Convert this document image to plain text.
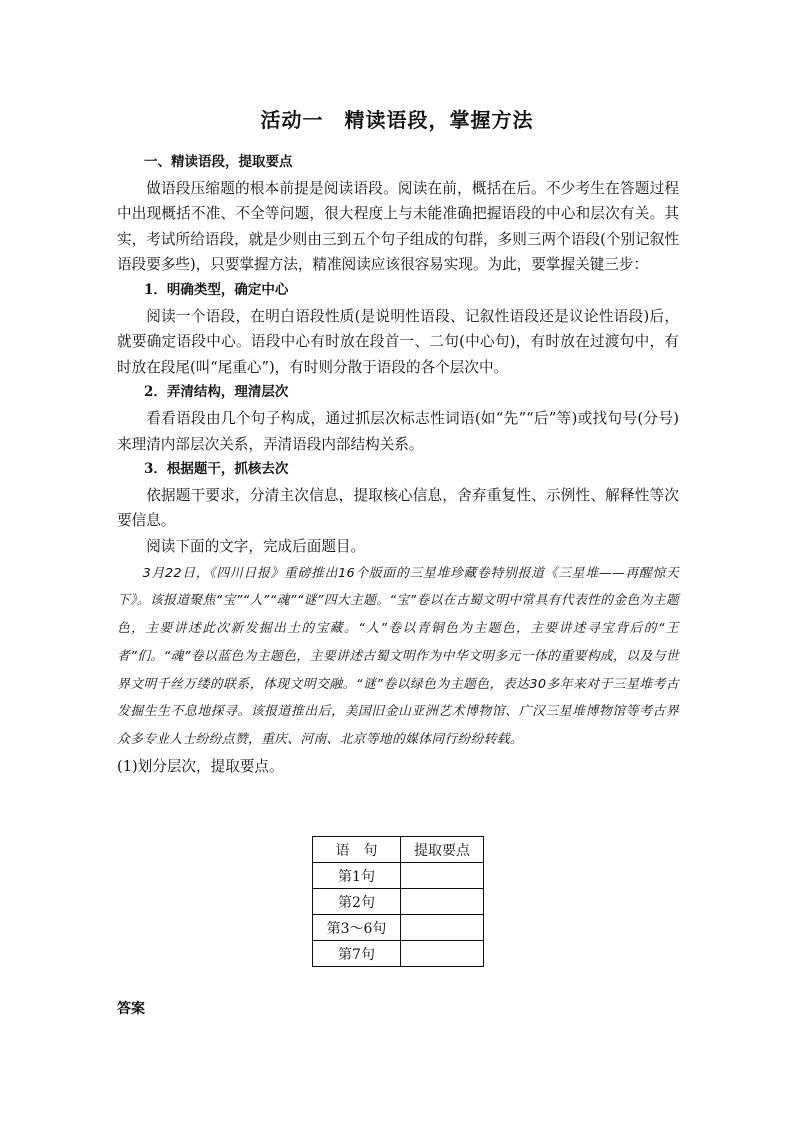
活动一　精读语段，掌握方法

一、精读语段，提取要点

做语段压缩题的根本前提是阅读语段。阅读在前，概括在后。不少考生在答题过程中出现概括不准、不全等问题，很大程度上与未能准确把握语段的中心和层次有关。其实，考试所给语段，就是少则由三到五个句子组成的句群，多则三两个语段(个别记叙性语段要多些)，只要掌握方法，精准阅读应该很容易实现。为此，要掌握关键三步：

1．明确类型，确定中心

阅读一个语段，在明白语段性质(是说明性语段、记叙性语段还是议论性语段)后，就要确定语段中心。语段中心有时放在段首一、二句(中心句)，有时放在过渡句中，有时放在段尾(叫“尾重心”)，有时则分散于语段的各个层次中。

2．弄清结构，理清层次

看看语段由几个句子构成，通过抓层次标志性词语(如“先”“后”等)或找句号(分号)来理清内部层次关系，弄清语段内部结构关系。

3．根据题干，抓核去次

依据题干要求，分清主次信息，提取核心信息，舍弃重复性、示例性、解释性等次要信息。

阅读下面的文字，完成后面题目。

3月22日，《四川日报》重磅推出16个版面的三星堆珍藏卷特别报道《三星堆——再醒惊天下》。该报道聚焦“宝”“人”“魂”“谜”四大主题。“宝”卷以在古蜀文明中常具有代表性的金色为主题色，主要讲述此次新发掘出土的宝藏。“人”卷以青铜色为主题色，主要讲述寻宝背后的“王者”们。“魂”卷以蓝色为主题色，主要讲述古蜀文明作为中华文明多元一体的重要构成，以及与世界文明千丝万缕的联系，体现文明交融。“谜”卷以绿色为主题色，表达30多年来对于三星堆考古发掘生生不息地探寻。该报道推出后，美国旧金山亚洲艺术博物馆、广汉三星堆博物馆等考古界众多专业人士纷纷点赞，重庆、河南、北京等地的媒体同行纷纷转载。

(1)划分层次，提取要点。

语　句	提取要点
第1句	
第2句	
第3～6句	
第7句	
答案
